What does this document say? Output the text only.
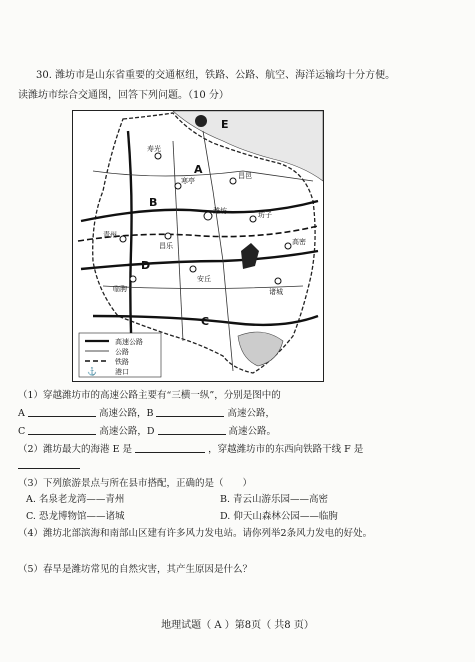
30. 潍坊市是山东省重要的交通枢纽，铁路、公路、航空、海洋运输均十分方便。
读潍坊市综合交通图，回答下列问题。（10 分）
寿光
昌邑
潍坊
青州
昌乐
坊子
临朐
安丘
诸城
高密
寒亭
E
A
B
C
D
⚓
高速公路
公路
铁路
港口
（1）穿越潍坊市的高速公路主要有“三横一纵”，分别是图中的
A	高速公路，B	高速公路，
C	高速公路，D	高速公路。
（2）潍坊最大的海港 E 是	，穿越潍坊市的东西向铁路干线 F 是
（3）下列旅游景点与所在县市搭配，正确的是（　　）
A. 名泉老龙湾——青州	B. 青云山游乐园——高密
C. 恐龙博物馆——诸城	D. 仰天山森林公园——临朐
（4）潍坊北部滨海和南部山区建有许多风力发电站。请你列举2条风力发电的好处。
（5）春旱是潍坊常见的自然灾害，其产生原因是什么？
地理试题（ A ）第8页（ 共8 页）
